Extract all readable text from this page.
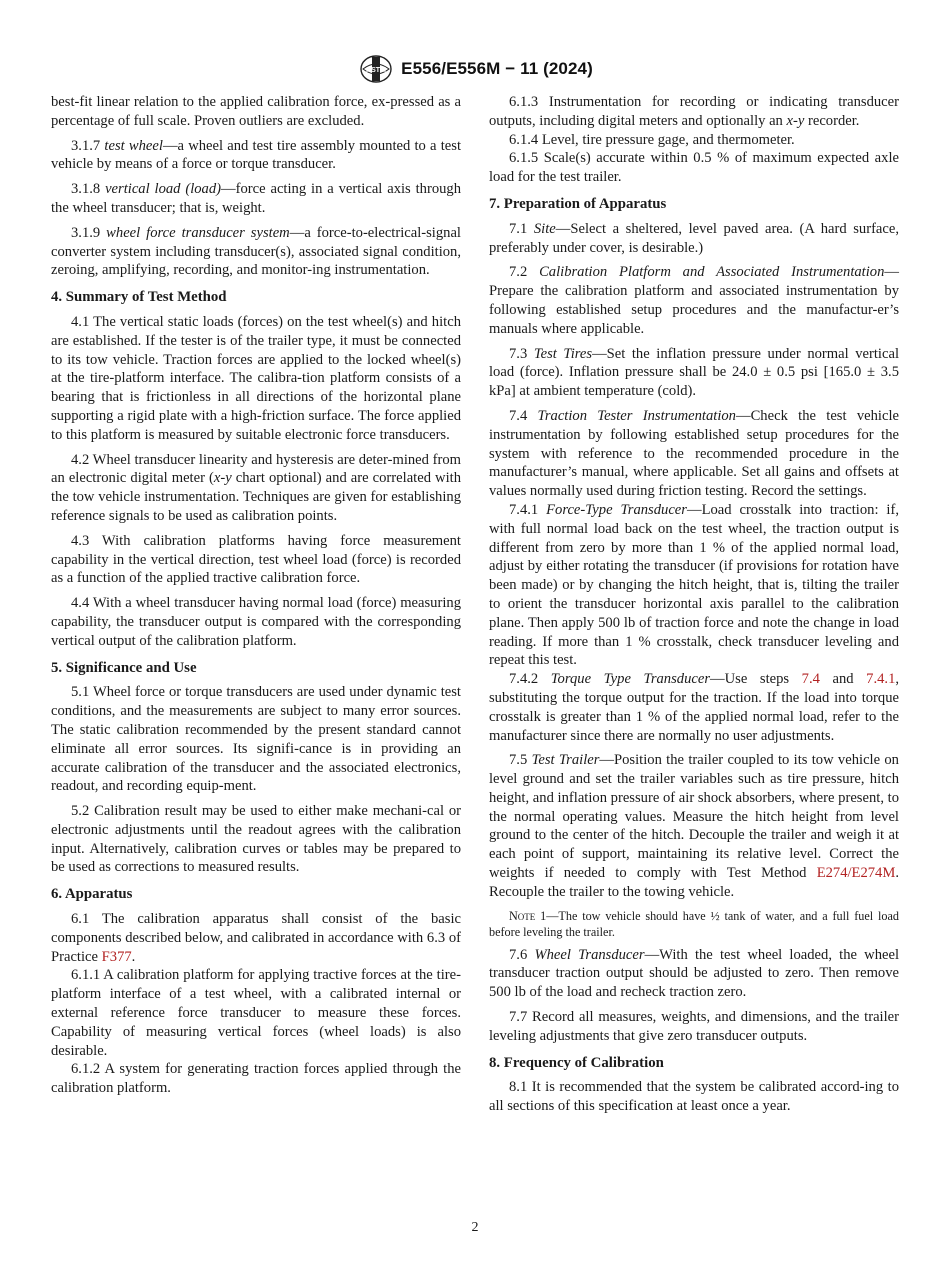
ASTM E556/E556M − 11 (2024)

best-fit linear relation to the applied calibration force, ex-pressed as a percentage of full scale. Proven outliers are excluded.

3.1.7 test wheel—a wheel and test tire assembly mounted to a test vehicle by means of a force or torque transducer.

3.1.8 vertical load (load)—force acting in a vertical axis through the wheel transducer; that is, weight.

3.1.9 wheel force transducer system—a force-to-electrical-signal converter system including transducer(s), associated signal condition, zeroing, amplifying, recording, and monitor-ing instrumentation.

4. Summary of Test Method

4.1 The vertical static loads (forces) on the test wheel(s) and hitch are established. If the tester is of the trailer type, it must be connected to its tow vehicle. Traction forces are applied to the locked wheel(s) at the tire-platform interface. The calibra-tion platform consists of a bearing that is frictionless in all directions of the horizontal plane supporting a rigid plate with a high-friction surface. The force applied to this platform is measured by suitable electronic force transducers.

4.2 Wheel transducer linearity and hysteresis are deter-mined from an electronic digital meter (x-y chart optional) and are correlated with the tow vehicle instrumentation. Techniques are given for establishing reference signals to be used as calibration points.

4.3 With calibration platforms having force measurement capability in the vertical direction, test wheel load (force) is recorded as a function of the applied tractive calibration force.

4.4 With a wheel transducer having normal load (force) measuring capability, the transducer output is compared with the corresponding vertical output of the calibration platform.

5. Significance and Use

5.1 Wheel force or torque transducers are used under dynamic test conditions, and the measurements are subject to many error sources. The static calibration recommended by the present standard cannot eliminate all error sources. Its signifi-cance is in providing an accurate calibration of the transducer and the associated electronics, readout, and recording equip-ment.

5.2 Calibration result may be used to either make mechani-cal or electronic adjustments until the readout agrees with the calibration input. Alternatively, calibration curves or tables may be prepared to be used as corrections to measured results.

6. Apparatus

6.1 The calibration apparatus shall consist of the basic components described below, and calibrated in accordance with 6.3 of Practice F377.

6.1.1 A calibration platform for applying tractive forces at the tire-platform interface of a test wheel, with a calibrated internal or external reference force transducer to measure these forces. Capability of measuring vertical forces (wheel loads) is also desirable.

6.1.2 A system for generating traction forces applied through the calibration platform.

6.1.3 Instrumentation for recording or indicating transducer outputs, including digital meters and optionally an x-y recorder.

6.1.4 Level, tire pressure gage, and thermometer.

6.1.5 Scale(s) accurate within 0.5 % of maximum expected axle load for the test trailer.

7. Preparation of Apparatus

7.1 Site—Select a sheltered, level paved area. (A hard surface, preferably under cover, is desirable.)

7.2 Calibration Platform and Associated Instrumentation—Prepare the calibration platform and associated instrumentation by following established setup procedures and the manufactur-er’s manuals where applicable.

7.3 Test Tires—Set the inflation pressure under normal vertical load (force). Inflation pressure shall be 24.0 ± 0.5 psi [165.0 ± 3.5 kPa] at ambient temperature (cold).

7.4 Traction Tester Instrumentation—Check the test vehicle instrumentation by following established setup procedures for the system with reference to the recommended procedure in the manufacturer’s manual, where applicable. Set all gains and offsets at values normally used during friction testing. Record the settings.

7.4.1 Force-Type Transducer—Load crosstalk into traction: if, with full normal load back on the test wheel, the traction output is different from zero by more than 1 % of the applied normal load, adjust by either rotating the transducer (if provisions for rotation have been made) or by changing the hitch height, that is, tilting the trailer to orient the transducer horizontal axis parallel to the calibration plane. Then apply 500 lb of traction force and note the change in load reading. If more than 1 % crosstalk, check transducer leveling and repeat this test.

7.4.2 Torque Type Transducer—Use steps 7.4 and 7.4.1, substituting the torque output for the traction. If the load into torque crosstalk is greater than 1 % of the applied normal load, refer to the manufacturer since there are normally no user adjustments.

7.5 Test Trailer—Position the trailer coupled to its tow vehicle on level ground and set the trailer variables such as tire pressure, hitch height, and inflation pressure of air shock absorbers, where present, to the normal operating values. Measure the hitch height from level ground to the center of the hitch. Decouple the trailer and weigh it at each point of support, maintaining its relative level. Correct the weights if needed to comply with Test Method E274/E274M. Recouple the trailer to the towing vehicle.

Note 1—The tow vehicle should have ½ tank of water, and a full fuel load before leveling the trailer.

7.6 Wheel Transducer—With the test wheel loaded, the wheel transducer traction output should be adjusted to zero. Then remove 500 lb of the load and recheck traction zero.

7.7 Record all measures, weights, and dimensions, and the trailer leveling adjustments that give zero transducer outputs.

8. Frequency of Calibration

8.1 It is recommended that the system be calibrated accord-ing to all sections of this specification at least once a year.

2
